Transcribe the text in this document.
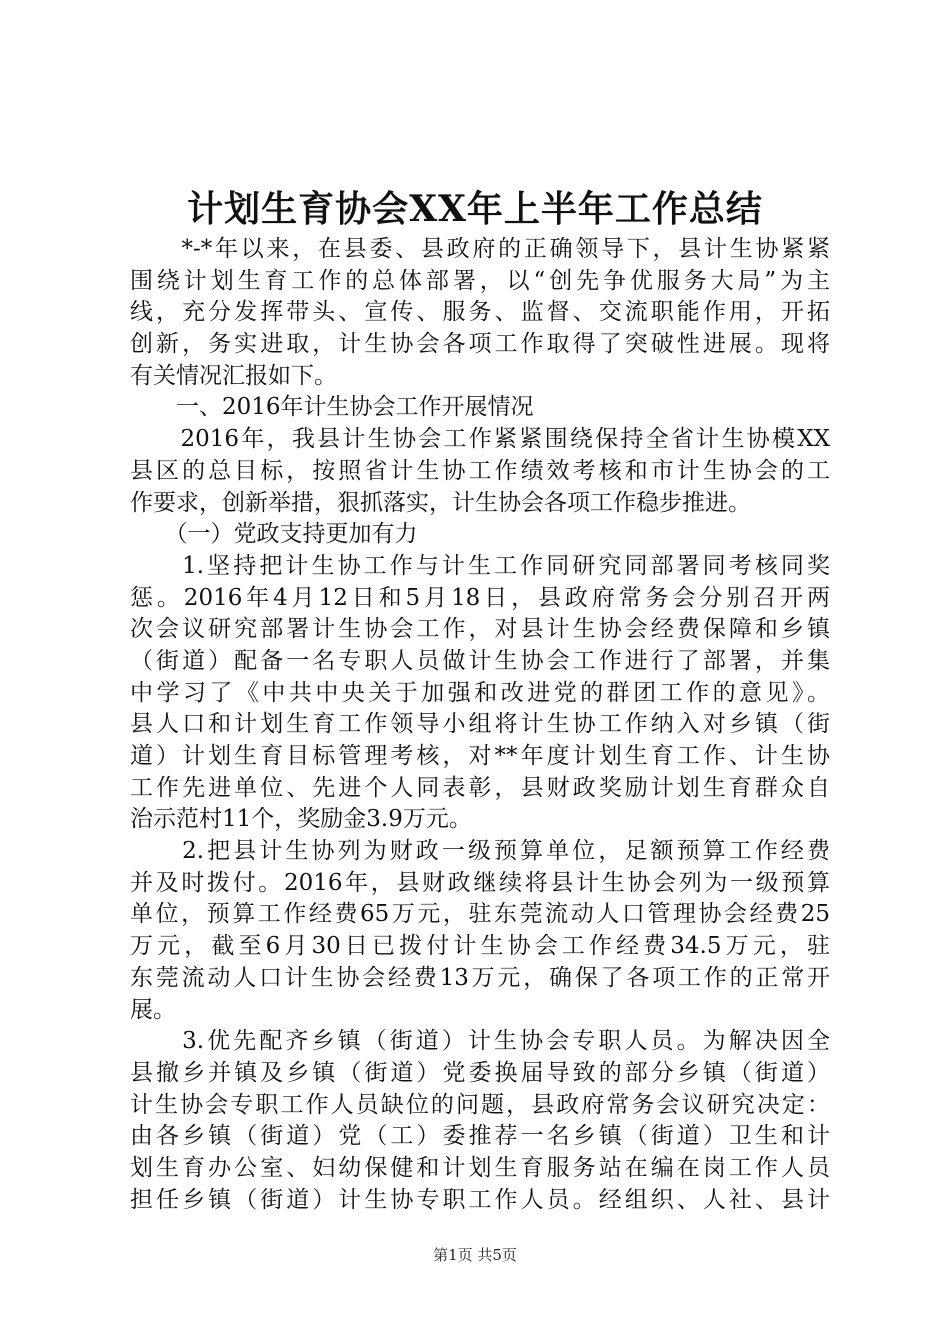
计划生育协会XX年上半年工作总结
　　*-*年以来，在县委、县政府的正确领导下，县计生协紧紧
围绕计划生育工作的总体部署，以“创先争优服务大局”为主
线，充分发挥带头、宣传、服务、监督、交流职能作用，开拓
创新，务实进取，计生协会各项工作取得了突破性进展。现将
有关情况汇报如下。
　　一、2016年计生协会工作开展情况
　　2016年，我县计生协会工作紧紧围绕保持全省计生协模XX
县区的总目标，按照省计生协工作绩效考核和市计生协会的工
作要求，创新举措，狠抓落实，计生协会各项工作稳步推进。
　　（一）党政支持更加有力
　　1.坚持把计生协工作与计生工作同研究同部署同考核同奖
惩。2016年4月12日和5月18日，县政府常务会分别召开两
次会议研究部署计生协会工作，对县计生协会经费保障和乡镇
（街道）配备一名专职人员做计生协会工作进行了部署，并集
中学习了《中共中央关于加强和改进党的群团工作的意见》。
县人口和计划生育工作领导小组将计生协工作纳入对乡镇（街
道）计划生育目标管理考核，对**年度计划生育工作、计生协
工作先进单位、先进个人同表彰，县财政奖励计划生育群众自
治示范村11个，奖励金3.9万元。
　　2.把县计生协列为财政一级预算单位，足额预算工作经费
并及时拨付。2016年，县财政继续将县计生协会列为一级预算
单位，预算工作经费65万元，驻东莞流动人口管理协会经费25
万元，截至6月30日已拨付计生协会工作经费34.5万元，驻
东莞流动人口计生协会经费13万元，确保了各项工作的正常开
展。
　　3.优先配齐乡镇（街道）计生协会专职人员。为解决因全
县撤乡并镇及乡镇（街道）党委换届导致的部分乡镇（街道）
计生协会专职工作人员缺位的问题，县政府常务会议研究决定：
由各乡镇（街道）党（工）委推荐一名乡镇（街道）卫生和计
划生育办公室、妇幼保健和计划生育服务站在编在岗工作人员
担任乡镇（街道）计生协专职工作人员。经组织、人社、县计
第1页 共5页
